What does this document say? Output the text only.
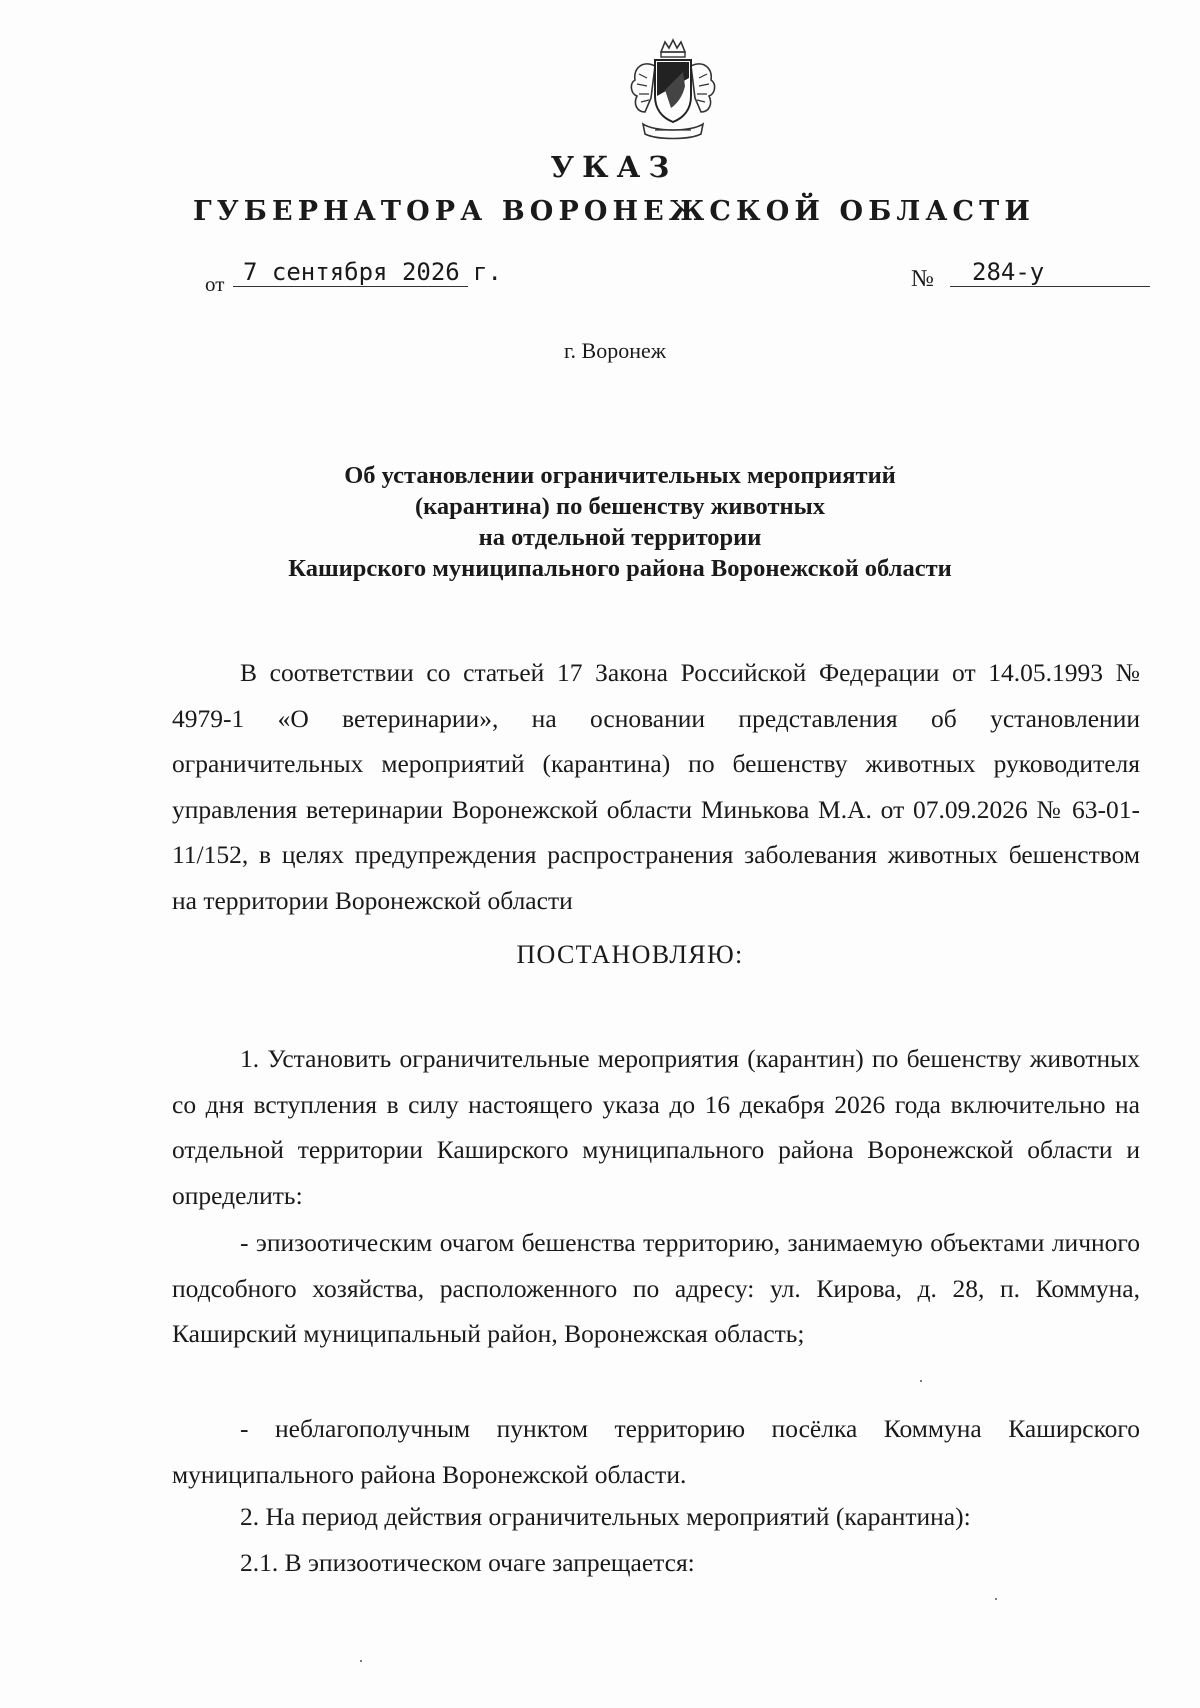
УКАЗ
ГУБЕРНАТОРА ВОРОНЕЖСКОЙ ОБЛАСТИ
от 7 сентября 2026 г.	№	284-у
г. Воронеж
Об установлении ограничительных мероприятий
(карантина) по бешенству животных
на отдельной территории
Каширского муниципального района Воронежской области
В соответствии со статьей 17 Закона Российской Федерации от 14.05.1993 № 4979-1 «О ветеринарии», на основании представления об установлении ограничительных мероприятий (карантина) по бешенству животных руководителя управления ветеринарии Воронежской области Минькова М.А. от 07.09.2026 № 63-01-11/152, в целях предупреждения распространения заболевания животных бешенством на территории Воронежской области
ПОСТАНОВЛЯЮ:
1. Установить ограничительные мероприятия (карантин) по бешенству животных со дня вступления в силу настоящего указа до 16 декабря 2026 года включительно на отдельной территории Каширского муниципального района Воронежской области и определить:
- эпизоотическим очагом бешенства территорию, занимаемую объектами личного подсобного хозяйства, расположенного по адресу: ул. Кирова, д. 28, п. Коммуна, Каширский муниципальный район, Воронежская область;
- неблагополучным пунктом территорию посёлка Коммуна Каширского муниципального района Воронежской области.
2. На период действия ограничительных мероприятий (карантина):
2.1. В эпизоотическом очаге запрещается:
